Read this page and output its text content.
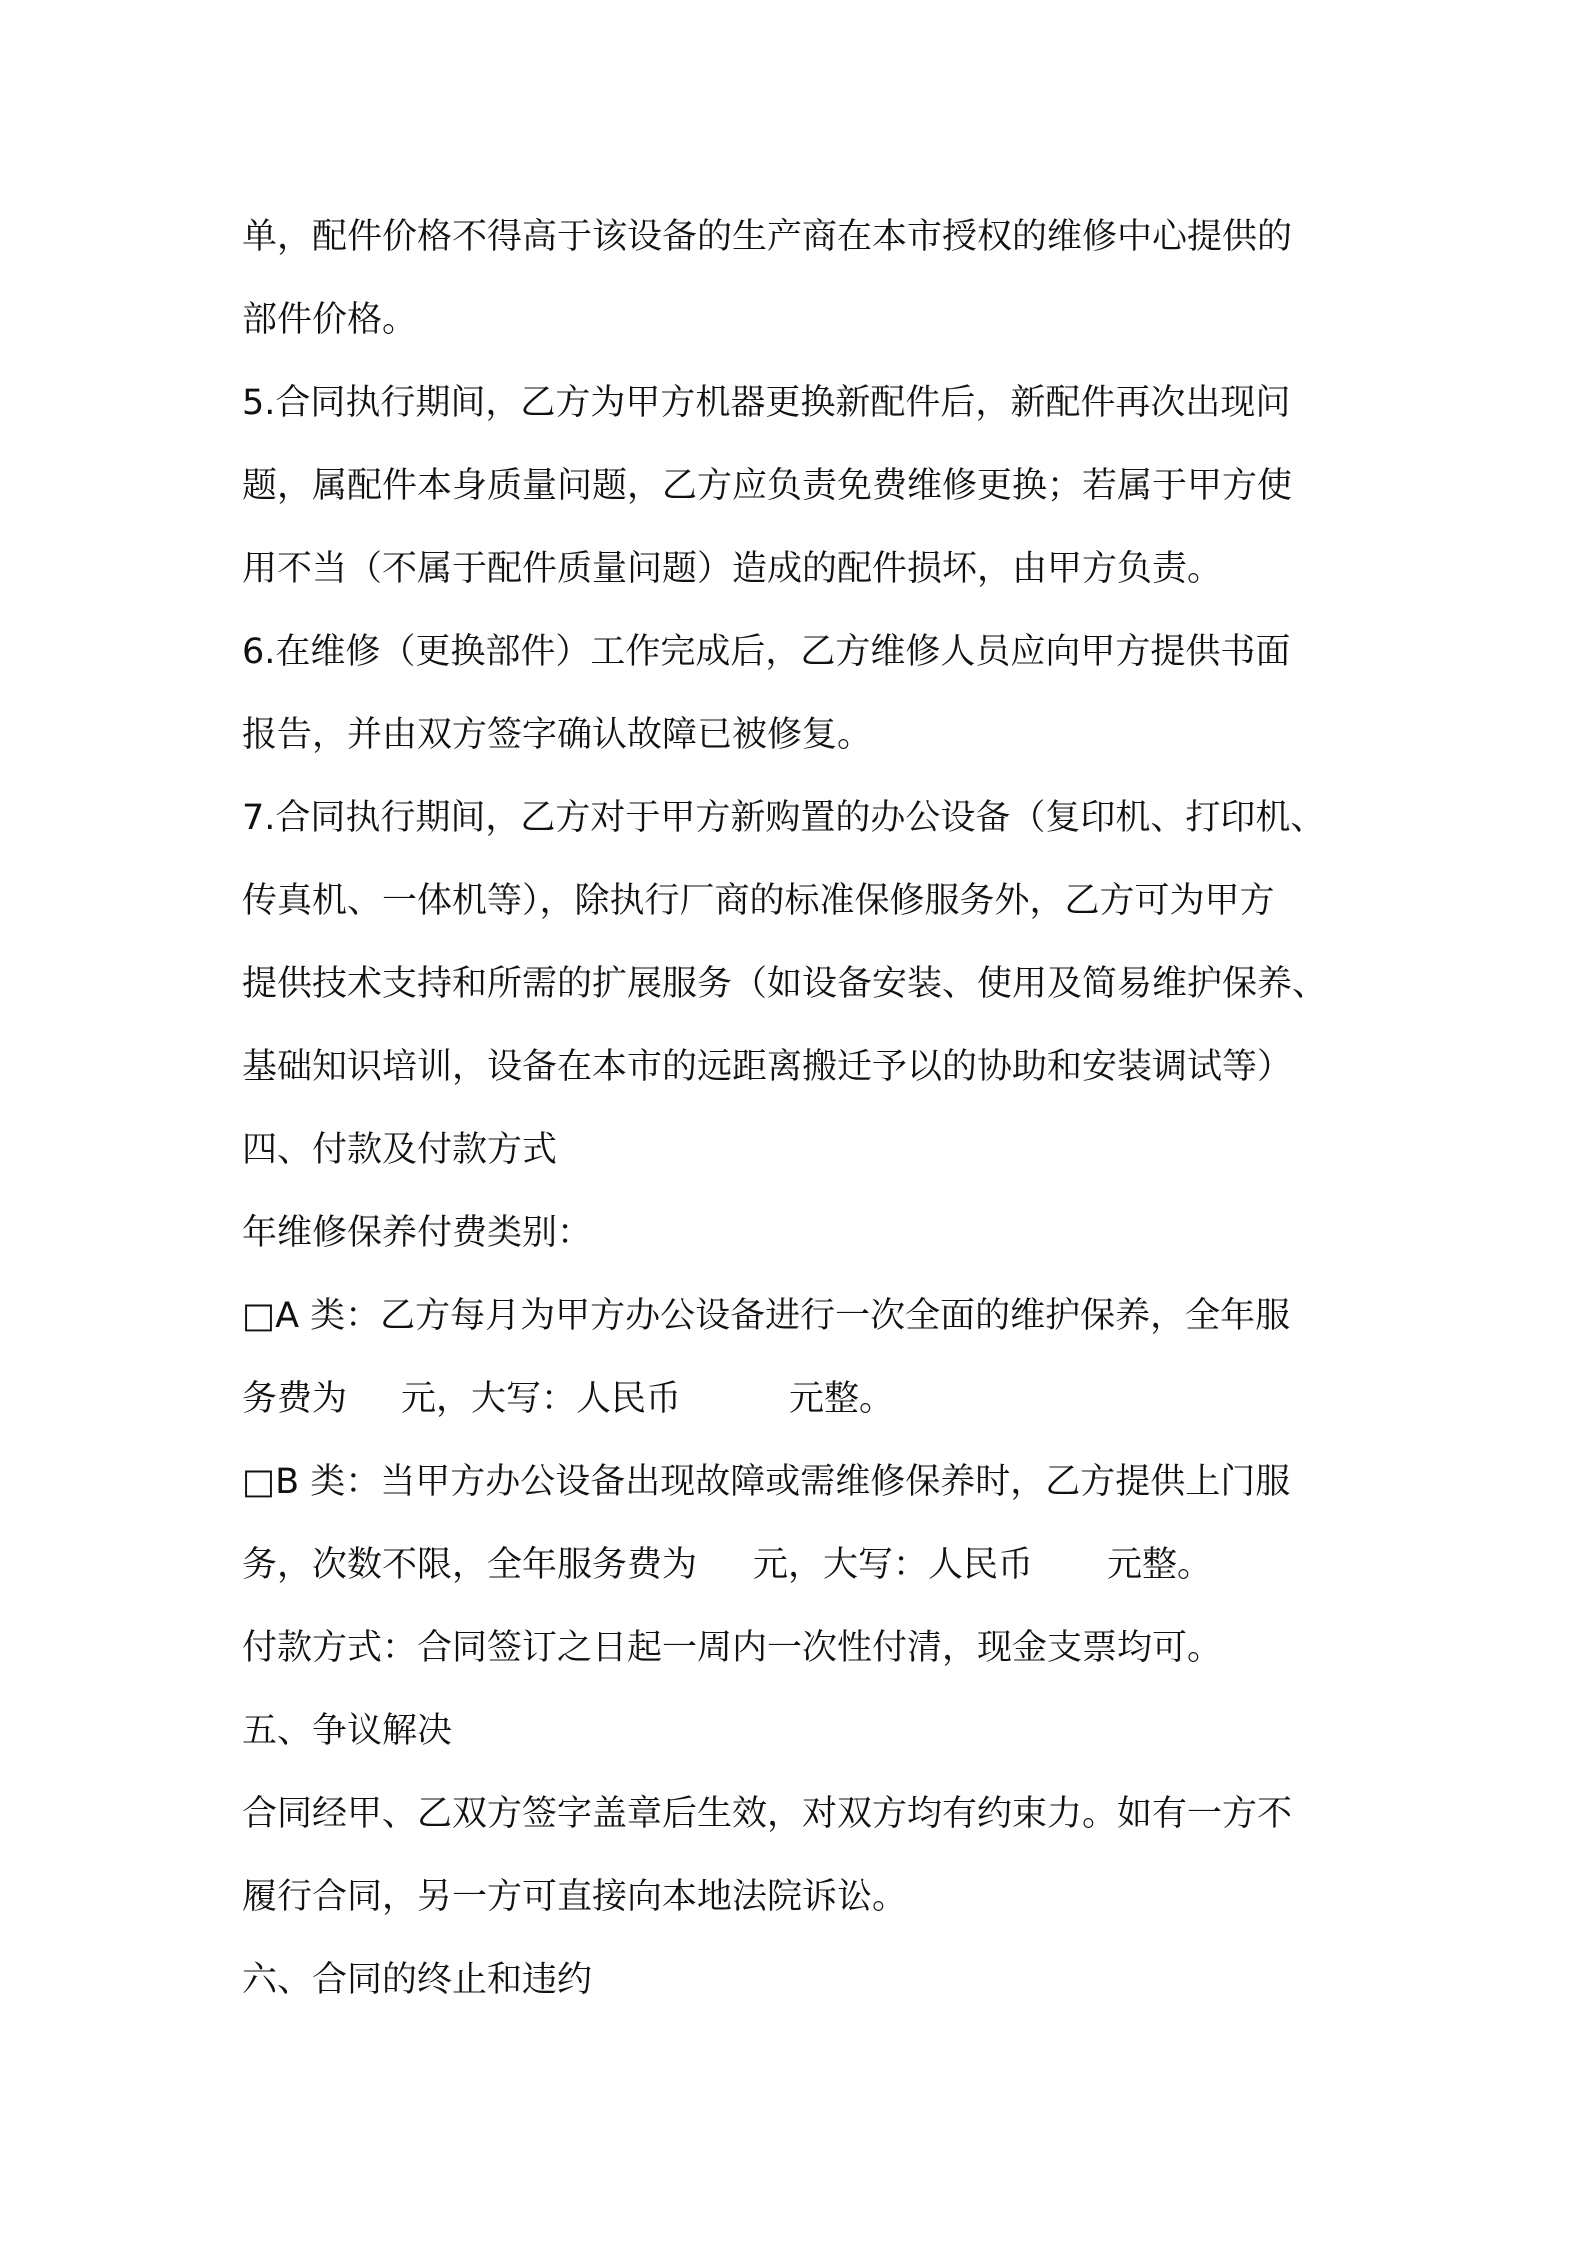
单，配件价格不得高于该设备的生产商在本市授权的维修中心提供的
部件价格。
5.合同执行期间，乙方为甲方机器更换新配件后，新配件再次出现问
题，属配件本身质量问题，乙方应负责免费维修更换；若属于甲方使
用不当（不属于配件质量问题）造成的配件损坏，由甲方负责。
6.在维修（更换部件）工作完成后，乙方维修人员应向甲方提供书面
报告，并由双方签字确认故障已被修复。
7.合同执行期间，乙方对于甲方新购置的办公设备（复印机、打印机、
传真机、一体机等），除执行厂商的标准保修服务外，乙方可为甲方
提供技术支持和所需的扩展服务（如设备安装、使用及简易维护保养、
基础知识培训，设备在本市的远距离搬迁予以的协助和安装调试等）
四、付款及付款方式
年维修保养付费类别：
□A 类：乙方每月为甲方办公设备进行一次全面的维护保养，全年服
务费为 元，大写：人民币	元整。
□B 类：当甲方办公设备出现故障或需维修保养时，乙方提供上门服
务，次数不限，全年服务费为 元，大写：人民币 元整。
付款方式：合同签订之日起一周内一次性付清，现金支票均可。
五、争议解决
合同经甲、乙双方签字盖章后生效，对双方均有约束力。如有一方不
履行合同，另一方可直接向本地法院诉讼。
六、合同的终止和违约
